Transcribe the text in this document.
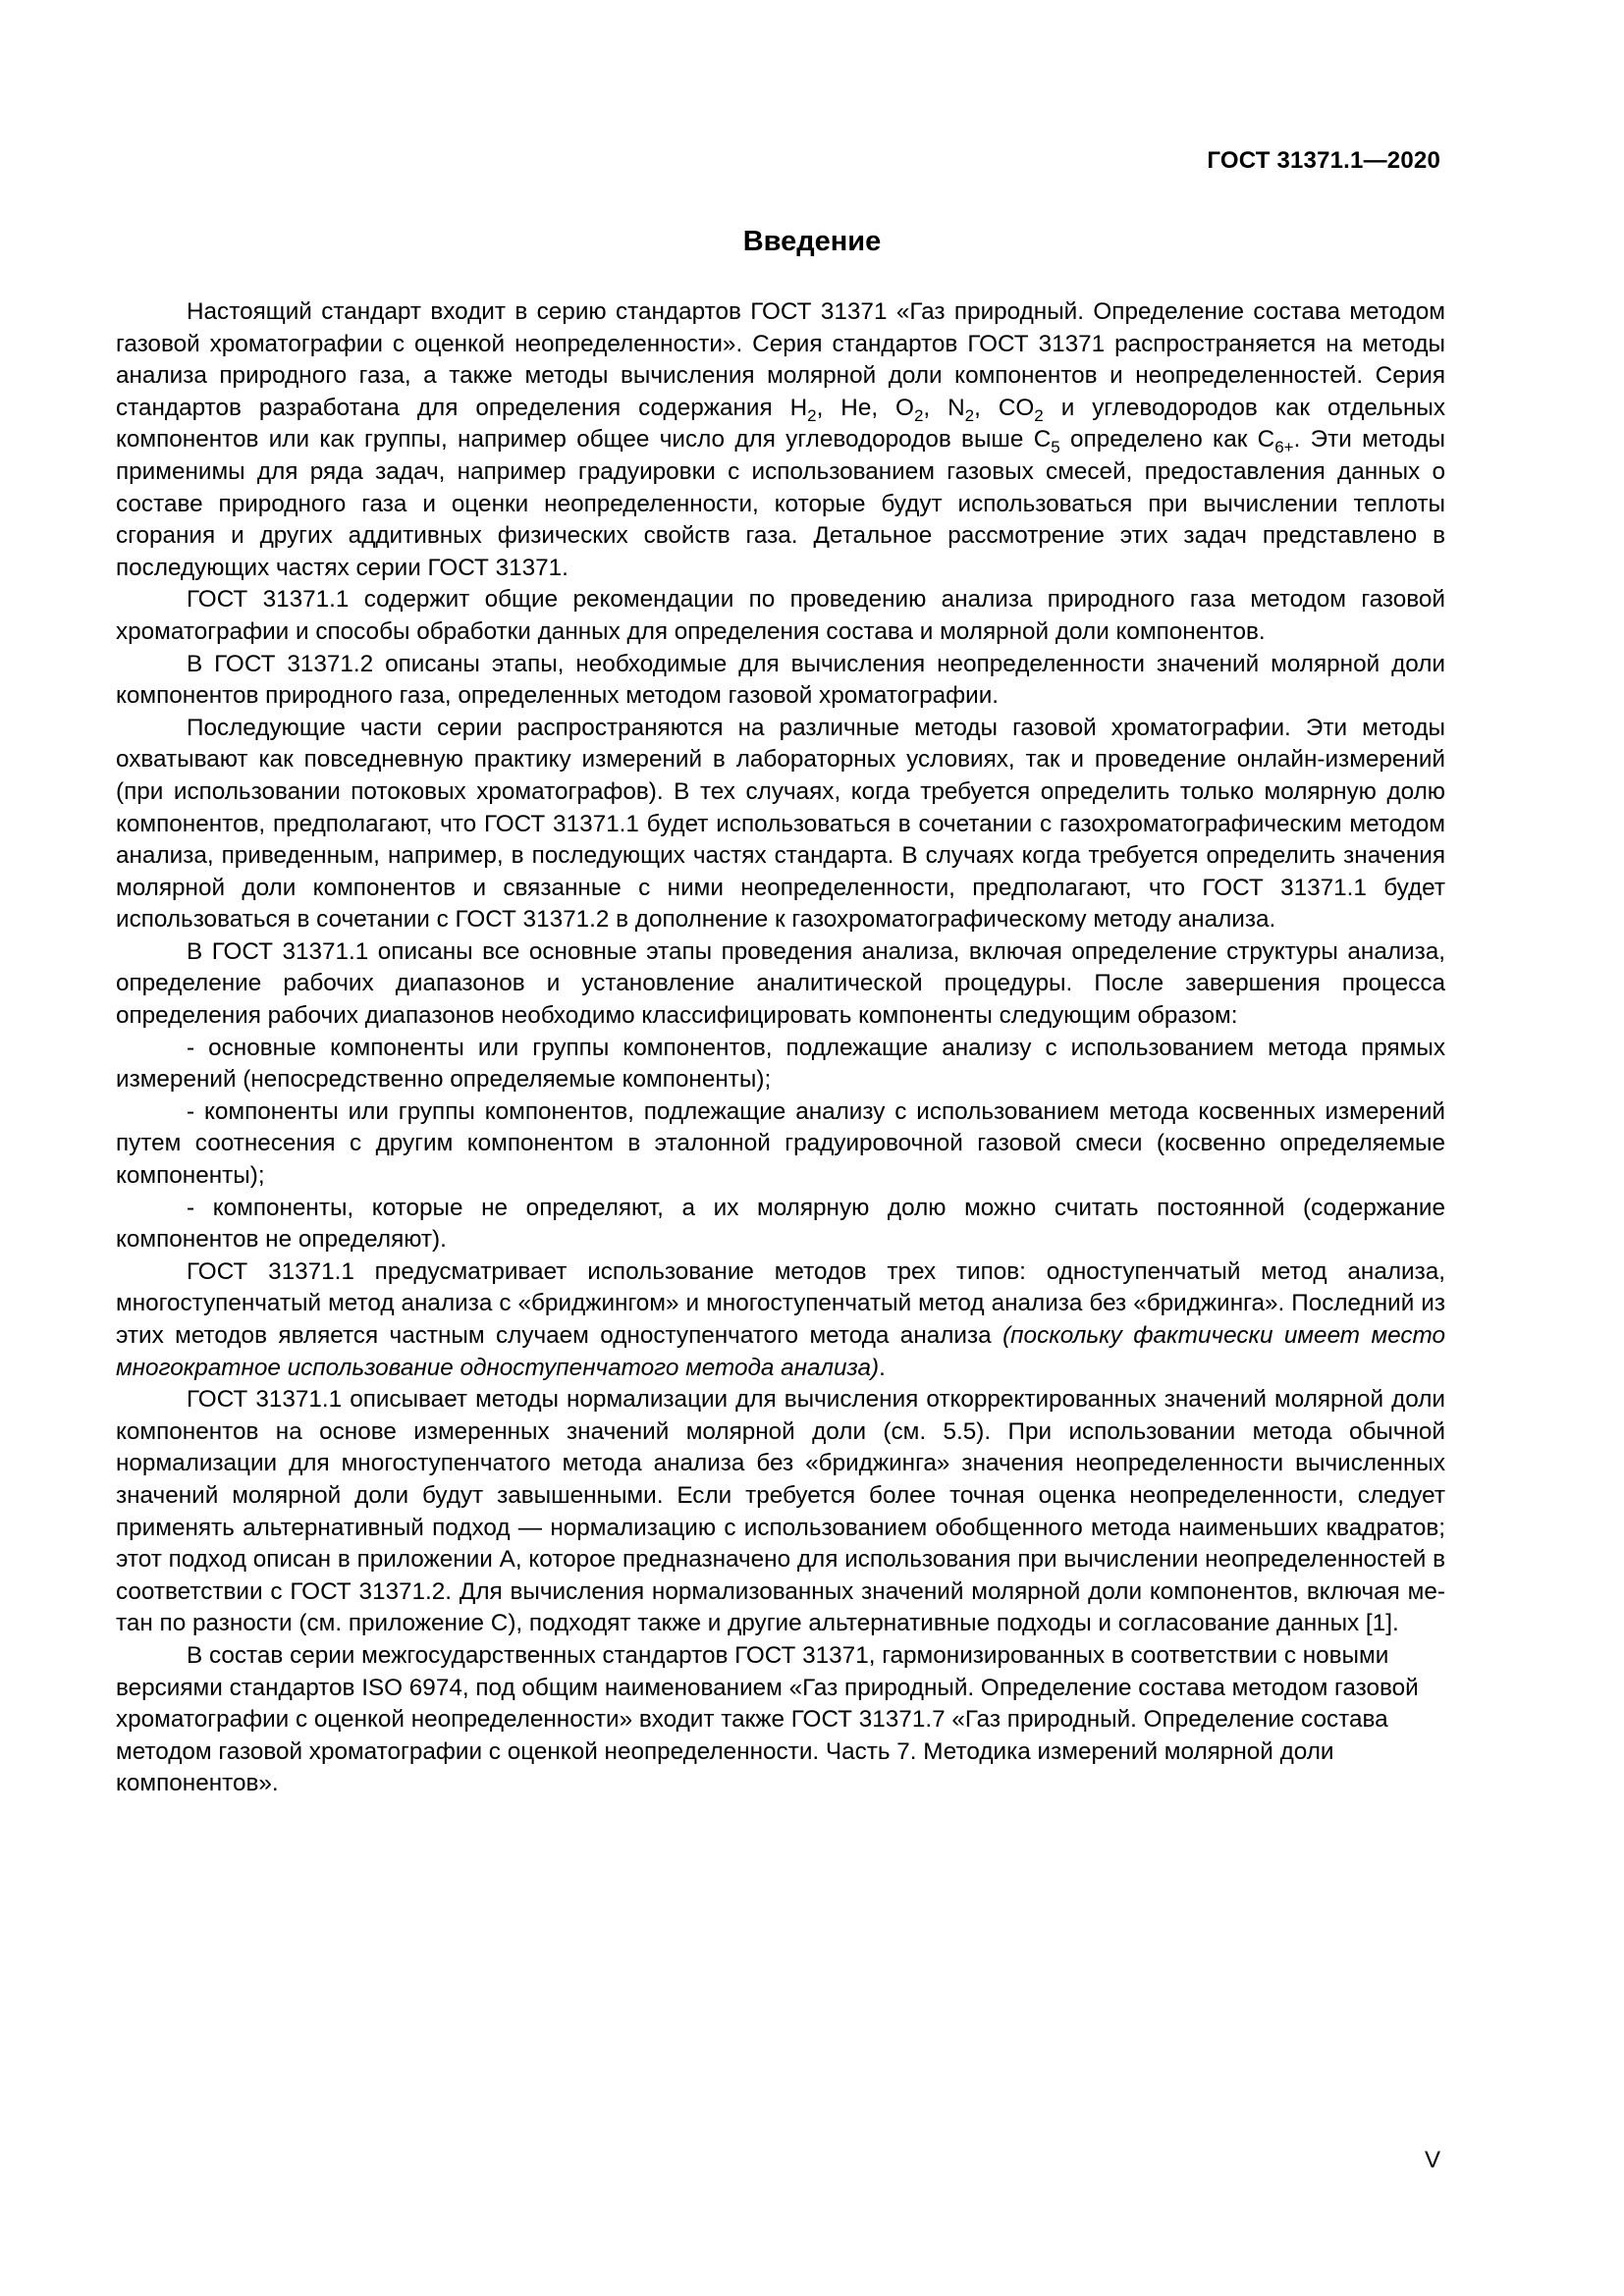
ГОСТ 31371.1—2020
Введение

Настоящий стандарт входит в серию стандартов ГОСТ 31371 «Газ природный. Определение состава методом газовой хроматографии с оценкой неопределенности». Серия стандартов ГОСТ 31371 распространяется на методы анализа природного газа, а также методы вычисления молярной доли компонентов и неопределенностей. Серия стандартов разработана для определения содержания $H_2$, He, $O_2$, $N_2$, $CO_2$ и углеводородов как отдельных компонентов или как группы, например общее число для углеводородов выше $C_5$ определено как $C_{6+}$. Эти методы применимы для ряда задач, например градуировки с использованием газовых смесей, предоставления данных о составе природного газа и оценки неопределенности, которые будут использоваться при вычислении теплоты сгорания и других аддитивных физических свойств газа. Детальное рассмотрение этих задач представлено в последующих частях серии ГОСТ 31371.

ГОСТ 31371.1 содержит общие рекомендации по проведению анализа природного газа методом газовой хроматографии и способы обработки данных для определения состава и молярной доли компонентов.

В ГОСТ 31371.2 описаны этапы, необходимые для вычисления неопределенности значений молярной доли компонентов природного газа, определенных методом газовой хроматографии.

Последующие части серии распространяются на различные методы газовой хроматографии. Эти методы охватывают как повседневную практику измерений в лабораторных условиях, так и проведение онлайн-измерений (при использовании потоковых хроматографов). В тех случаях, когда требуется определить только молярную долю компонентов, предполагают, что ГОСТ 31371.1 будет использоваться в сочетании с газохроматографическим методом анализа, приведенным, например, в последующих частях стандарта. В случаях когда требуется определить значения молярной доли компонентов и связанные с ними неопределенности, предполагают, что ГОСТ 31371.1 будет использоваться в сочетании с ГОСТ 31371.2 в дополнение к газохроматографическому методу анализа.

В ГОСТ 31371.1 описаны все основные этапы проведения анализа, включая определение структуры анализа, определение рабочих диапазонов и установление аналитической процедуры. После завершения процесса определения рабочих диапазонов необходимо классифицировать компоненты следующим образом:

- основные компоненты или группы компонентов, подлежащие анализу с использованием метода прямых измерений (непосредственно определяемые компоненты);

- компоненты или группы компонентов, подлежащие анализу с использованием метода косвенных измерений путем соотнесения с другим компонентом в эталонной градуировочной газовой смеси (косвенно определяемые компоненты);

- компоненты, которые не определяют, а их молярную долю можно считать постоянной (содержание компонентов не определяют).

ГОСТ 31371.1 предусматривает использование методов трех типов: одноступенчатый метод анализа, многоступенчатый метод анализа с «бриджингом» и многоступенчатый метод анализа без «бриджинга». Последний из этих методов является частным случаем одноступенчатого метода анализа (поскольку фактически имеет место многократное использование одноступенчатого метода анализа).

ГОСТ 31371.1 описывает методы нормализации для вычисления откорректированных значений молярной доли компонентов на основе измеренных значений молярной доли (см. 5.5). При использовании метода обычной нормализации для многоступенчатого метода анализа без «бриджинга» значения неопределенности вычисленных значений молярной доли будут завышенными. Если требуется более точная оценка неопределенности, следует применять альтернативный подход — нормализацию с использованием обобщенного метода наименьших квадратов; этот подход описан в приложении А, которое предназначено для использования при вычислении неопределенностей в соответствии с ГОСТ 31371.2. Для вычисления нормализованных значений молярной доли компонентов, включая метан по разности (см. приложение С), подходят также и другие альтернативные подходы и согласование данных [1].

В состав серии межгосударственных стандартов ГОСТ 31371, гармонизированных в соответствии с новыми версиями стандартов ISO 6974, под общим наименованием «Газ природный. Определение состава методом газовой хроматографии с оценкой неопределенности» входит также ГОСТ 31371.7 «Газ природный. Определение состава методом газовой хроматографии с оценкой неопределенности. Часть 7. Методика измерений молярной доли компонентов».

V
